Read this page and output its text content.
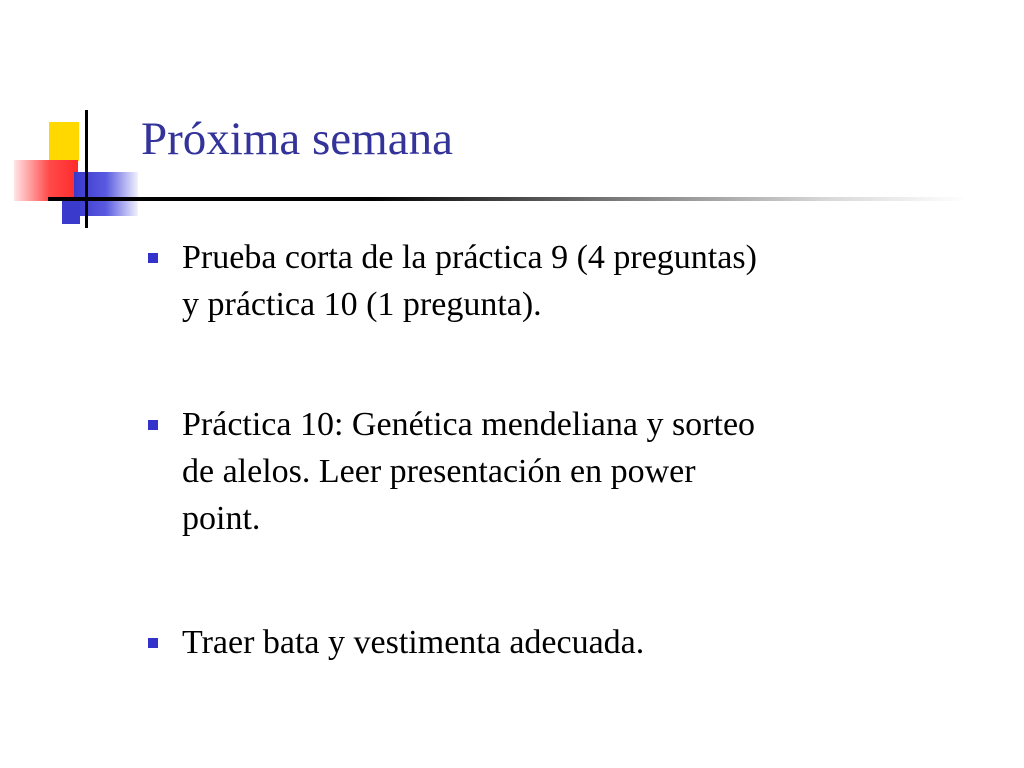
Próxima semana

Prueba corta de la práctica 9 (4 preguntas)
y práctica 10 (1 pregunta).

Práctica 10: Genética mendeliana y sorteo
de alelos. Leer presentación en power
point.

Traer bata y vestimenta adecuada.
